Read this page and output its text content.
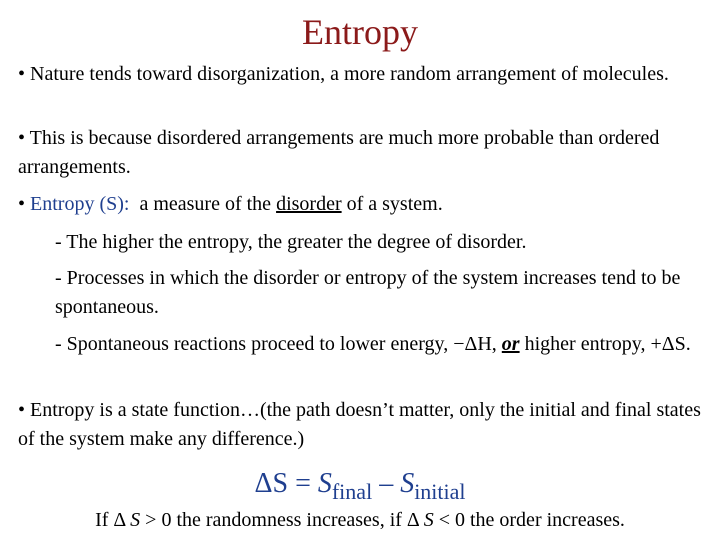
Entropy
• Nature tends toward disorganization, a more random arrangement of molecules.
• This is because disordered arrangements are much more probable than ordered arrangements.
• Entropy (S):  a measure of the disorder of a system.
- The higher the entropy, the greater the degree of disorder.
- Processes in which the disorder or entropy of the system increases tend to be spontaneous.
- Spontaneous reactions proceed to lower energy, −ΔH, or higher entropy, +ΔS.
• Entropy is a state function…(the path doesn’t matter, only the initial and final states of the system make any difference.)
$\Delta S = S_{final} - S_{initial}$
If Δ S > 0 the randomness increases, if Δ S < 0 the order increases.
